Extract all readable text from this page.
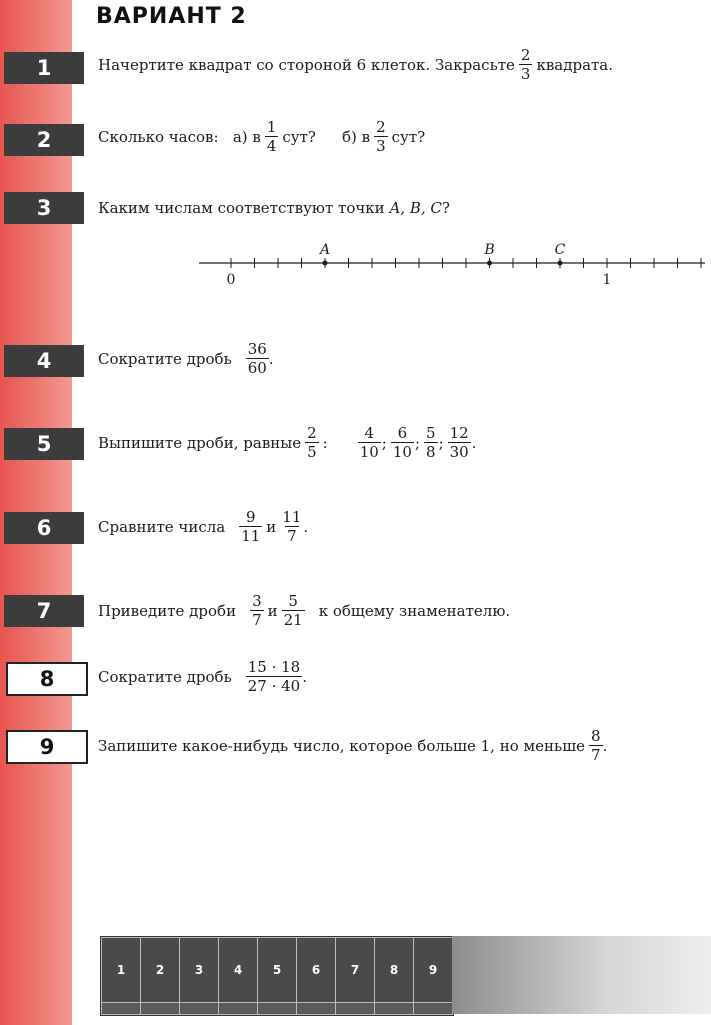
ВАРИАНТ 2
1
2
3
4
5
6
7
8
9
Начертите квадрат со стороной 6 клеток. Закрасьте $\frac{2}{3}$ квадрата.
Сколько часов:   а) в $\frac{1}{4}$ сут? б) в $\frac{2}{3}$ сут?
Каким числам соответствуют точки
A, B, C ?
0	1
A	B	C
Сократите дробь $\frac{36}{60}$ .
Выпишите дроби, равные $\frac{2}{5}$ : $\frac{4}{10}$ ; $\frac{6}{10}$ ; $\frac{5}{8}$ ; $\frac{12}{30}$ .
Сравните числа $\frac{9}{11}$ и $\frac{11}{7}$ .
Приведите дроби $\frac{3}{7}$ и $\frac{5}{21}$ к общему знаменателю.
Сократите дробь $\frac{15 \cdot 18}{27 \cdot 40}$ .
Запишите какое-нибудь число, которое больше 1, но меньше $\frac{8}{7}$ .
1	2	3	4	5	6	7	8	9
